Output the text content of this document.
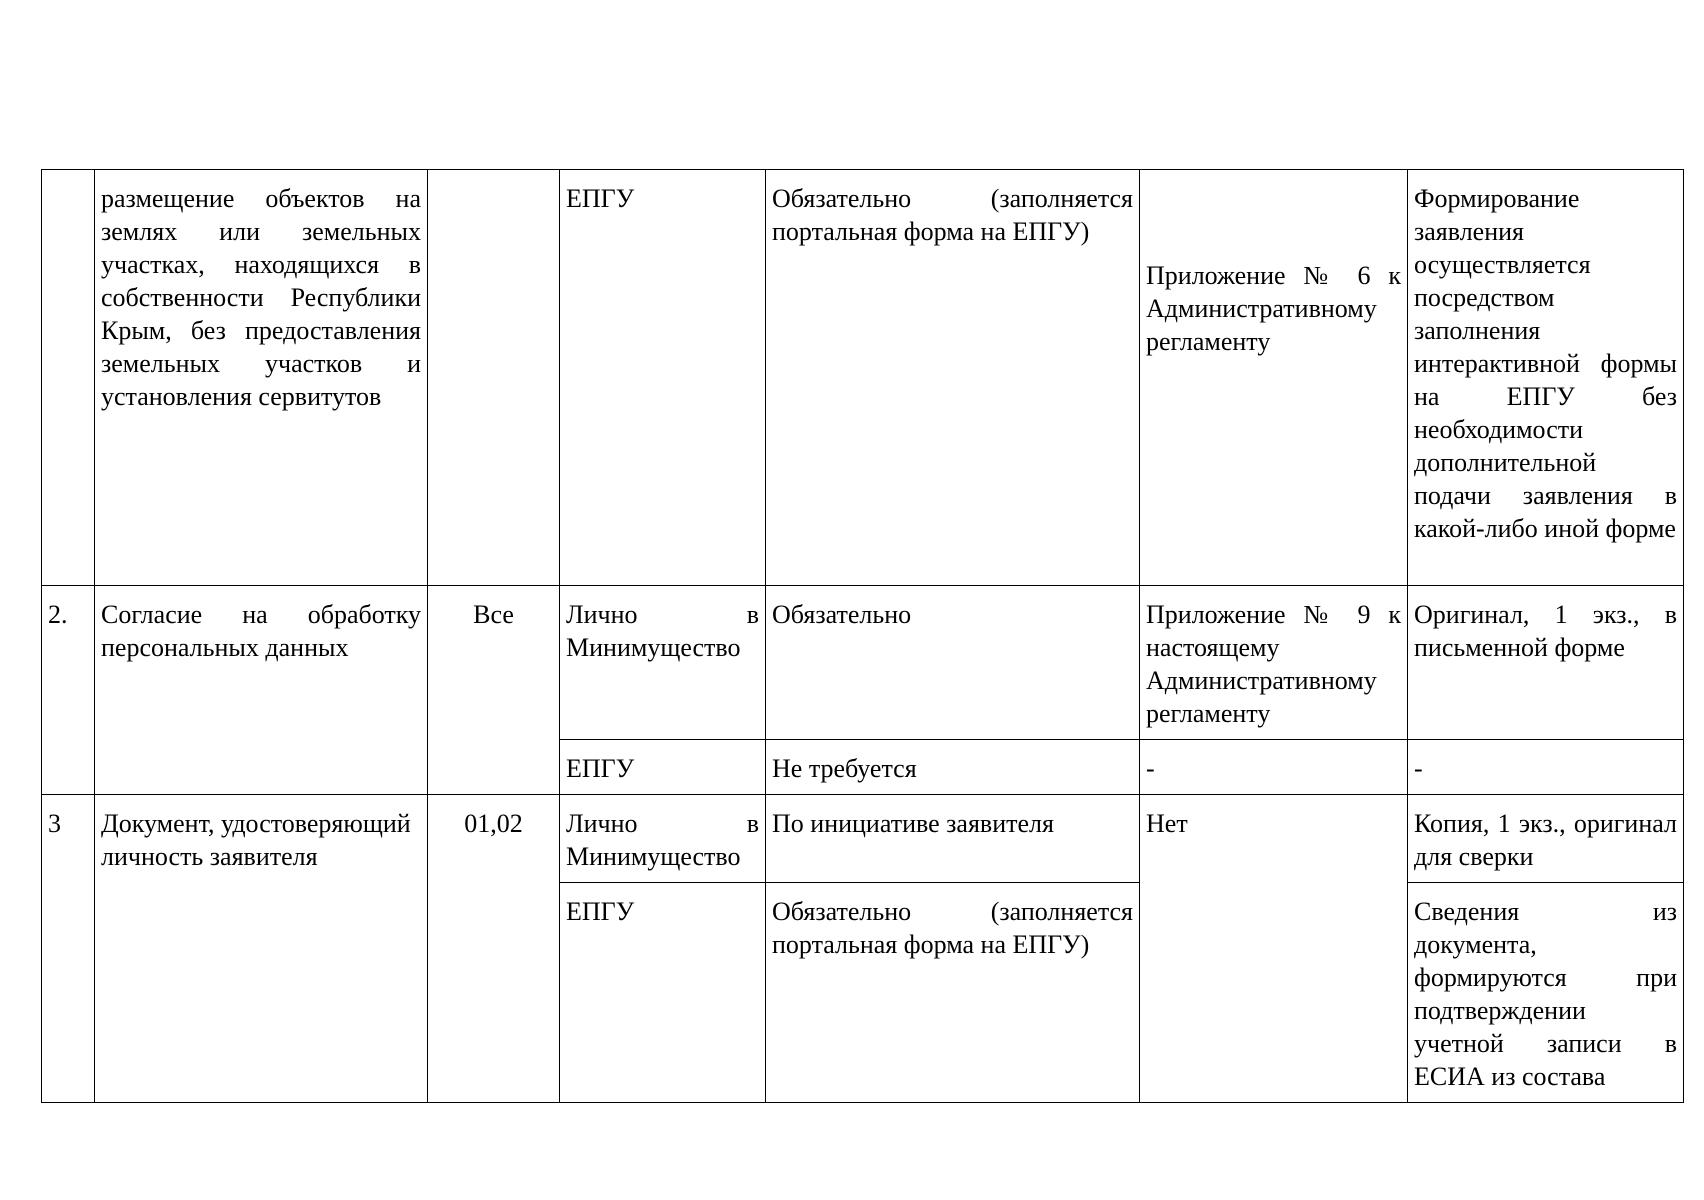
	размещение объектов на землях или земельных участках, находящихся в собственности Республики Крым, без предоставления земельных участков и установления сервитутов		ЕПГУ	Обязательно (заполняется портальная форма на ЕПГУ)	Приложение № 6 к Административному регламенту	Формирование заявления осуществляется посредством заполнения интерактивной формы на ЕПГУ без необходимости дополнительной подачи заявления в какой-либо иной форме
2.	Согласие на обработку персональных данных	Все	Лично в Минимущество	Обязательно	Приложение № 9 к настоящему Административному регламенту	Оригинал, 1 экз., в письменной форме
			ЕПГУ	Не требуется	-	-
3	Документ, удостоверяющий личность заявителя	01,02	Лично в Минимущество	По инициативе заявителя	Нет	Копия, 1 экз., оригинал для сверки
			ЕПГУ	Обязательно (заполняется портальная форма на ЕПГУ)		Сведения из документа, формируются при подтверждении учетной записи в ЕСИА из состава
